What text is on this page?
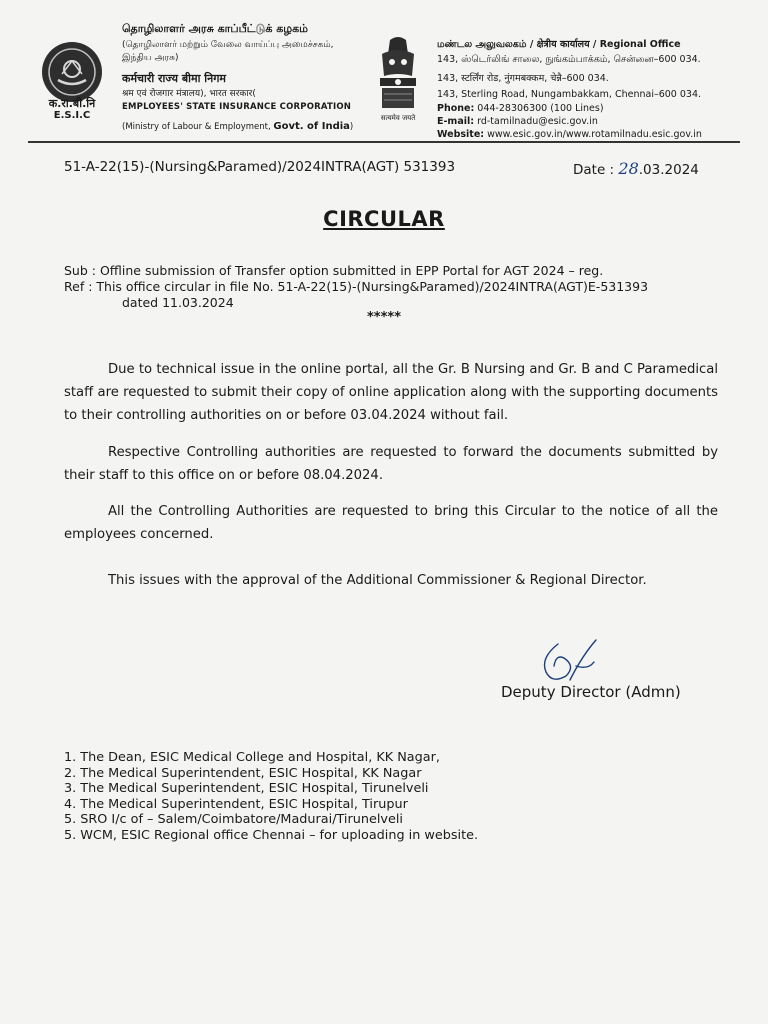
क.रा.बी.नि
E.S.I.C
தொழிலாளர் அரசு காப்பீட்டுக் கழகம்
(தொழிலாளர் மற்றும் வேலை வாய்ப்பு அமைச்சகம், இந்திய அரசு)
कर्मचारी राज्य बीमा निगम
श्रम एवं रोजगार मंत्रालय), भारत सरकार(
EMPLOYEES' STATE INSURANCE CORPORATION
(Ministry of Labour & Employment, Govt. of India)
सत्यमेव जयते
மண்டல அலுவலகம் / क्षेत्रीय कार्यालय / Regional Office
143, ஸ்டெர்லிங் சாலை, நுங்கம்பாக்கம், சென்னை–600 034.
143, स्टर्लिंग रोड, नुंगमबक्कम, चेन्नै–600 034.
143, Sterling Road, Nungambakkam, Chennai–600 034.
Phone: 044-28306300 (100 Lines)
E-mail: rd-tamilnadu@esic.gov.in
Website: www.esic.gov.in/www.rotamilnadu.esic.gov.in
51-A-22(15)-(Nursing&Paramed)/2024INTRA(AGT) 531393	Date : 28.03.2024
CIRCULAR
Sub : Offline submission of Transfer option submitted in EPP Portal for AGT 2024 – reg.
Ref : This office circular in file No. 51-A-22(15)-(Nursing&Paramed)/2024INTRA(AGT)E-531393
dated 11.03.2024
*****
Due to technical issue in the online portal, all the Gr. B Nursing and Gr. B and C Paramedical staff are requested to submit their copy of online application along with the supporting documents to their controlling authorities on or before 03.04.2024 without fail.
Respective Controlling authorities are requested to forward the documents submitted by their staff to this office on or before 08.04.2024.
All the Controlling Authorities are requested to bring this Circular to the notice of all the employees concerned.
This issues with the approval of the Additional Commissioner & Regional Director.
Deputy Director (Admn)
1. The Dean, ESIC Medical College and Hospital, KK Nagar,
2. The Medical Superintendent, ESIC Hospital, KK Nagar
3. The Medical Superintendent, ESIC Hospital, Tirunelveli
4. The Medical Superintendent, ESIC Hospital, Tirupur
5. SRO I/c of – Salem/Coimbatore/Madurai/Tirunelveli
5. WCM, ESIC Regional office Chennai – for uploading in website.
